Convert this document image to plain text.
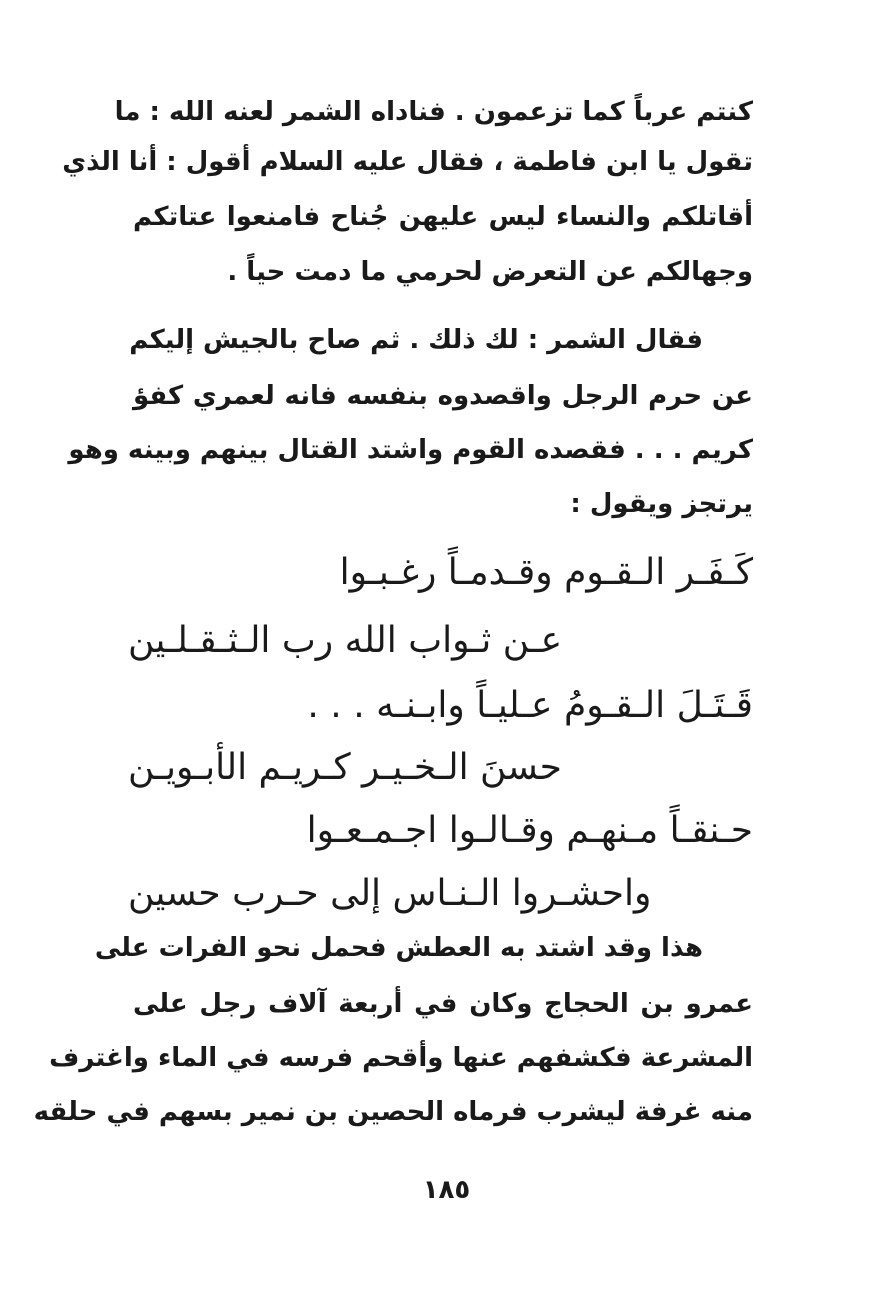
كنتم عرباً كما تزعمون . فناداه الشمر لعنه الله : ما
تقول يا ابن فاطمة ، فقال عليه السلام أقول : أنا الذي
أقاتلكم والنساء ليس عليهن جُناح فامنعوا عتاتكم
وجهالكم عن التعرض لحرمي ما دمت حياً .
فقال الشمر : لك ذلك . ثم صاح بالجيش إليكم
عن حرم الرجل واقصدوه بنفسه فانه لعمري كفؤ
كريم . . . فقصده القوم واشتد القتال بينهم وبينه وهو
يرتجز ويقول :
كَـفَـر الـقـوم وقـدمـاً رغـبـوا
عـن ثـواب الله رب الـثـقـلـين
قَـتَـلَ الـقـومُ عـليـاً وابـنـه . . .
حسنَ الـخـيـر كـريـم الأبـويـن
حـنقـاً مـنهـم وقـالـوا اجـمـعـوا
واحشـروا الـنـاس إلى حـرب حسين
هذا وقد اشتد به العطش فحمل نحو الفرات على
عمرو بن الحجاج وكان في أربعة آلاف رجل على
المشرعة فكشفهم عنها وأقحم فرسه في الماء واغترف
منه غرفة ليشرب فرماه الحصين بن نمير بسهم في حلقه
١٨٥
